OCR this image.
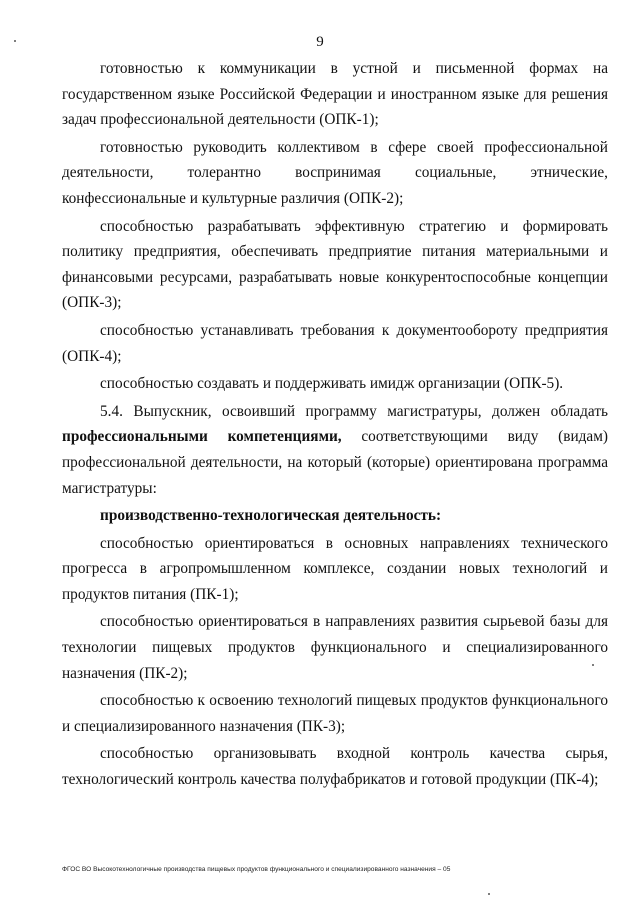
9

готовностью к коммуникации в устной и письменной формах на государственном языке Российской Федерации и иностранном языке для решения задач профессиональной деятельности (ОПК-1);

готовностью руководить коллективом в сфере своей профессиональной деятельности, толерантно воспринимая социальные, этнические, конфессиональные и культурные различия (ОПК-2);

способностью разрабатывать эффективную стратегию и формировать политику предприятия, обеспечивать предприятие питания материальными и финансовыми ресурсами, разрабатывать новые конкурентоспособные концепции (ОПК-3);

способностью устанавливать требования к документообороту предприятия (ОПК-4);

способностью создавать и поддерживать имидж организации (ОПК-5).

5.4. Выпускник, освоивший программу магистратуры, должен обладать профессиональными компетенциями, соответствующими виду (видам) профессиональной деятельности, на который (которые) ориентирована программа магистратуры:

производственно-технологическая деятельность:

способностью ориентироваться в основных направлениях технического прогресса в агропромышленном комплексе, создании новых технологий и продуктов питания (ПК-1);

способностью ориентироваться в направлениях развития сырьевой базы для технологии пищевых продуктов функционального и специализированного назначения (ПК-2);

способностью к освоению технологий пищевых продуктов функционального и специализированного назначения (ПК-3);

способностью организовывать входной контроль качества сырья, технологический контроль качества полуфабрикатов и готовой продукции (ПК-4);

ФГОС ВО Высокотехнологичные производства пищевых продуктов функционального и специализированного назначения – 05
